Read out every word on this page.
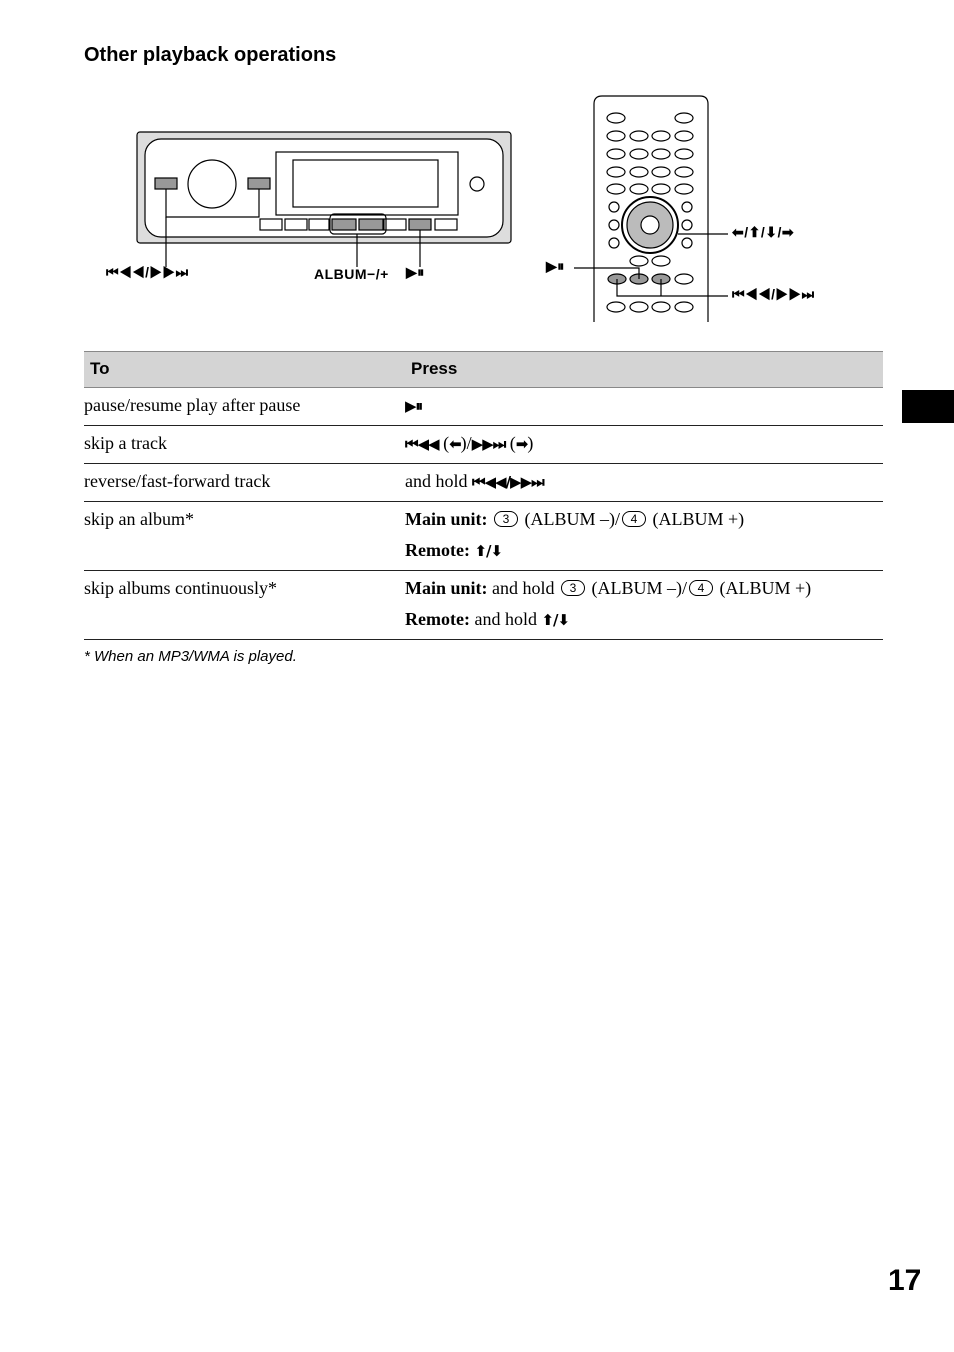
Other playback operations
⏮◀◀/▶▶⏭	ALBUM−/+ ▶⏸
⬅/⬆/⬇/➡
▶⏸
⏮◀◀/▶▶⏭
To	Press
pause/resume play after pause	▶⏸
skip a track	⏮◀◀ (⬅)/▶▶⏭ (➡)
reverse/fast-forward track	and hold ⏮◀◀/▶▶⏭
skip an album*	Main unit: 3 (ALBUM –)/ 4 (ALBUM +)
Remote: ⬆/⬇

skip albums continuously*	Main unit: and hold 3 (ALBUM –)/ 4 (ALBUM +)
Remote: and hold ⬆/⬇
* When an MP3/WMA is played.
17
